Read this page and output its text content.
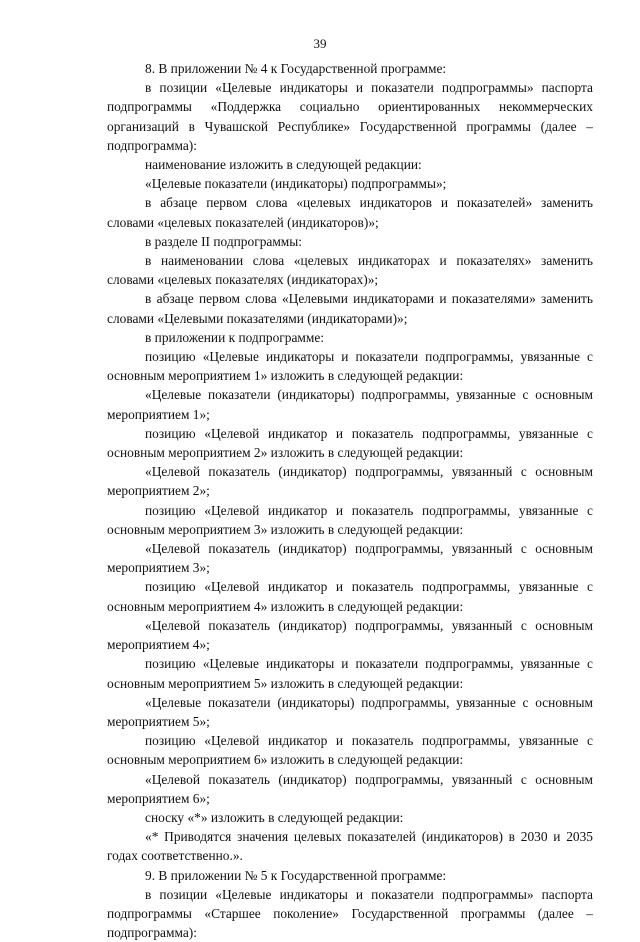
39

8. В приложении № 4 к Государственной программе:

в позиции «Целевые индикаторы и показатели подпрограммы» паспорта подпрограммы «Поддержка социально ориентированных некоммерческих организаций в Чувашской Республике» Государственной программы (далее – подпрограмма):

наименование изложить в следующей редакции:

«Целевые показатели (индикаторы) подпрограммы»;

в абзаце первом слова «целевых индикаторов и показателей» заменить словами «целевых показателей (индикаторов)»;

в разделе II подпрограммы:

в наименовании слова «целевых индикаторах и показателях» заменить словами «целевых показателях (индикаторах)»;

в абзаце первом слова «Целевыми индикаторами и показателями» заменить словами «Целевыми показателями (индикаторами)»;

в приложении к подпрограмме:

позицию «Целевые индикаторы и показатели подпрограммы, увязанные с основным мероприятием 1» изложить в следующей редакции:

«Целевые показатели (индикаторы) подпрограммы, увязанные с основным мероприятием 1»;

позицию «Целевой индикатор и показатель подпрограммы, увязанные с основным мероприятием 2» изложить в следующей редакции:

«Целевой показатель (индикатор) подпрограммы, увязанный с основным мероприятием 2»;

позицию «Целевой индикатор и показатель подпрограммы, увязанные с основным мероприятием 3» изложить в следующей редакции:

«Целевой показатель (индикатор) подпрограммы, увязанный с основным мероприятием 3»;

позицию «Целевой индикатор и показатель подпрограммы, увязанные с основным мероприятием 4» изложить в следующей редакции:

«Целевой показатель (индикатор) подпрограммы, увязанный с основным мероприятием 4»;

позицию «Целевые индикаторы и показатели подпрограммы, увязанные с основным мероприятием 5» изложить в следующей редакции:

«Целевые показатели (индикаторы) подпрограммы, увязанные с основным мероприятием 5»;

позицию «Целевой индикатор и показатель подпрограммы, увязанные с основным мероприятием 6» изложить в следующей редакции:

«Целевой показатель (индикатор) подпрограммы, увязанный с основным мероприятием 6»;

сноску «*» изложить в следующей редакции:

«* Приводятся значения целевых показателей (индикаторов) в 2030 и 2035 годах соответственно.».

9. В приложении № 5 к Государственной программе:

в позиции «Целевые индикаторы и показатели подпрограммы» паспорта подпрограммы «Старшее поколение» Государственной программы (далее – подпрограмма):
